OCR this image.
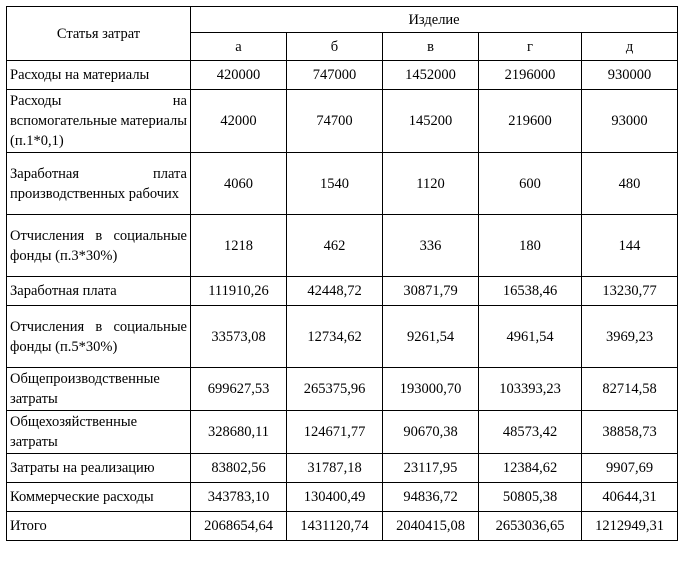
Статья затрат	Изделие				
	а	б	в	г	д
Расходы на материалы	420000	747000	1452000	2196000	930000
Расходы на вспомогательные материалы (п.1*0,1)	42000	74700	145200	219600	93000
Заработная плата производственных рабочих	4060	1540	1120	600	480
Отчисления в социальные фонды (п.3*30%)	1218	462	336	180	144
Заработная плата	111910,26	42448,72	30871,79	16538,46	13230,77
Отчисления в социальные фонды (п.5*30%)	33573,08	12734,62	9261,54	4961,54	3969,23
Общепроизводственные затраты	699627,53	265375,96	193000,70	103393,23	82714,58
Общехозяйственные затраты	328680,11	124671,77	90670,38	48573,42	38858,73
Затраты на реализацию	83802,56	31787,18	23117,95	12384,62	9907,69
Коммерческие расходы	343783,10	130400,49	94836,72	50805,38	40644,31
Итого	2068654,64	1431120,74	2040415,08	2653036,65	1212949,31
